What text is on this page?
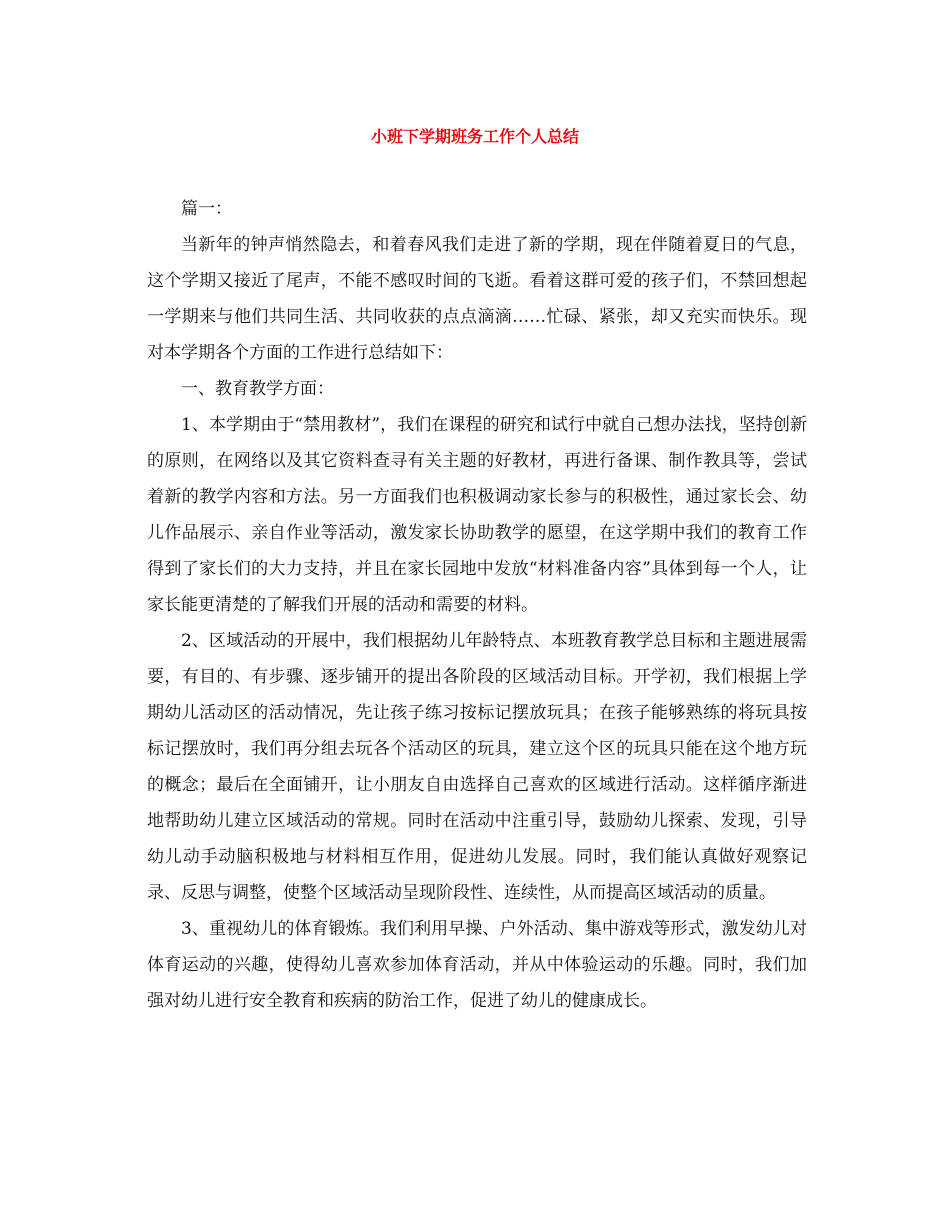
小班下学期班务工作个人总结

篇一：

当新年的钟声悄然隐去，和着春风我们走进了新的学期，现在伴随着夏日的气息，这个学期又接近了尾声，不能不感叹时间的飞逝。看着这群可爱的孩子们，不禁回想起一学期来与他们共同生活、共同收获的点点滴滴……忙碌、紧张，却又充实而快乐。现对本学期各个方面的工作进行总结如下：

一、教育教学方面：

1、本学期由于“禁用教材”，我们在课程的研究和试行中就自己想办法找，坚持创新的原则，在网络以及其它资料查寻有关主题的好教材，再进行备课、制作教具等，尝试着新的教学内容和方法。另一方面我们也积极调动家长参与的积极性，通过家长会、幼儿作品展示、亲自作业等活动，激发家长协助教学的愿望，在这学期中我们的教育工作得到了家长们的大力支持，并且在家长园地中发放“材料准备内容”具体到每一个人，让家长能更清楚的了解我们开展的活动和需要的材料。

2、区域活动的开展中，我们根据幼儿年龄特点、本班教育教学总目标和主题进展需要，有目的、有步骤、逐步铺开的提出各阶段的区域活动目标。开学初，我们根据上学期幼儿活动区的活动情况，先让孩子练习按标记摆放玩具；在孩子能够熟练的将玩具按标记摆放时，我们再分组去玩各个活动区的玩具，建立这个区的玩具只能在这个地方玩的概念；最后在全面铺开，让小朋友自由选择自己喜欢的区域进行活动。这样循序渐进地帮助幼儿建立区域活动的常规。同时在活动中注重引导，鼓励幼儿探索、发现，引导幼儿动手动脑积极地与材料相互作用，促进幼儿发展。同时，我们能认真做好观察记录、反思与调整，使整个区域活动呈现阶段性、连续性，从而提高区域活动的质量。

3、重视幼儿的体育锻炼。我们利用早操、户外活动、集中游戏等形式，激发幼儿对体育运动的兴趣，使得幼儿喜欢参加体育活动，并从中体验运动的乐趣。同时，我们加强对幼儿进行安全教育和疾病的防治工作，促进了幼儿的健康成长。
